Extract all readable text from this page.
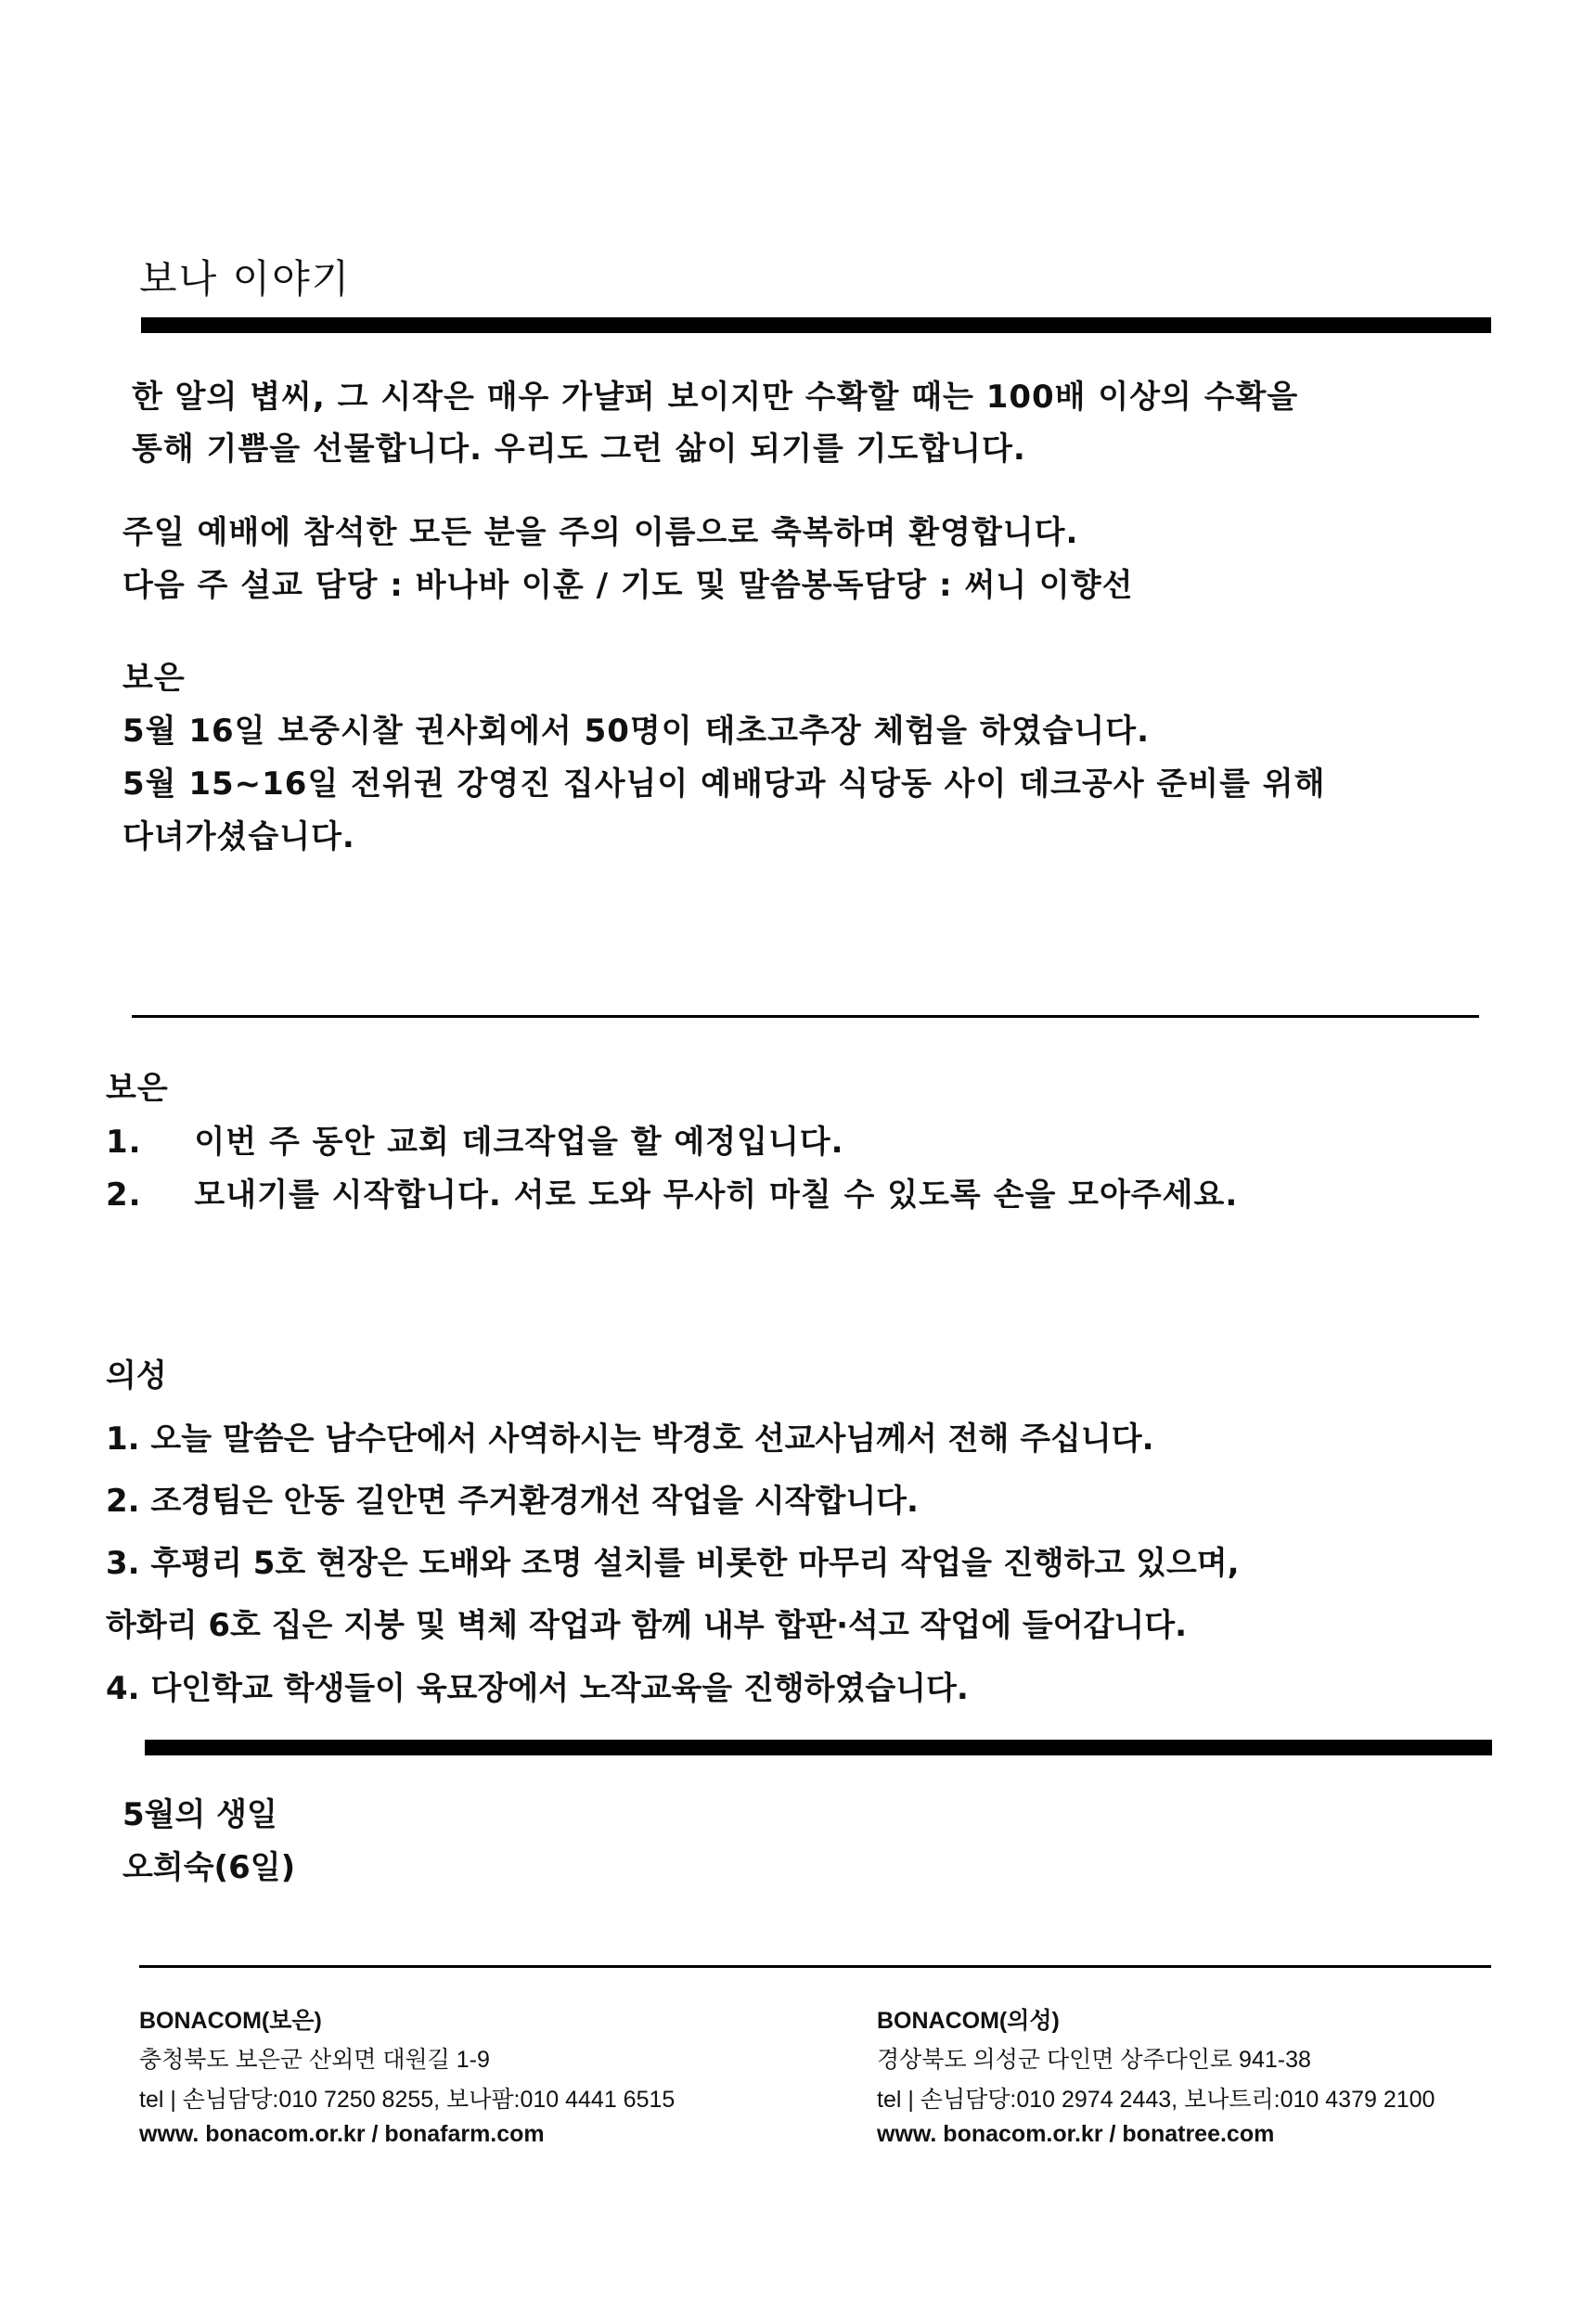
보나 이야기
한 알의 볍씨, 그 시작은 매우 가냘퍼 보이지만 수확할 때는 100배 이상의 수확을
통해 기쁨을 선물합니다. 우리도 그런 삶이 되기를 기도합니다.
주일 예배에 참석한 모든 분을 주의 이름으로 축복하며 환영합니다.
다음 주 설교 담당 : 바나바 이훈 / 기도 및 말씀봉독담당 : 써니 이향선
보은
5월 16일 보중시찰 권사회에서 50명이 태초고추장 체험을 하였습니다.
5월 15~16일 전위권 강영진 집사님이 예배당과 식당동 사이 데크공사 준비를 위해
다녀가셨습니다.
보은
1. 이번 주 동안 교회 데크작업을 할 예정입니다.
2. 모내기를 시작합니다. 서로 도와 무사히 마칠 수 있도록 손을 모아주세요.
의성
1. 오늘 말씀은 남수단에서 사역하시는 박경호 선교사님께서 전해 주십니다.
2. 조경팀은 안동 길안면 주거환경개선 작업을 시작합니다.
3. 후평리 5호 현장은 도배와 조명 설치를 비롯한 마무리 작업을 진행하고 있으며,
하화리 6호 집은 지붕 및 벽체 작업과 함께 내부 합판·석고 작업에 들어갑니다.
4. 다인학교 학생들이 육묘장에서 노작교육을 진행하였습니다.
5월의 생일
오희숙(6일)
BONACOM(보은)
충청북도 보은군 산외면 대원길 1-9
tel | 손님담당:010 7250 8255, 보나팜:010 4441 6515
www. bonacom.or.kr / bonafarm.com
BONACOM(의성)
경상북도 의성군 다인면 상주다인로 941-38
tel | 손님담당:010 2974 2443, 보나트리:010 4379 2100
www. bonacom.or.kr / bonatree.com
